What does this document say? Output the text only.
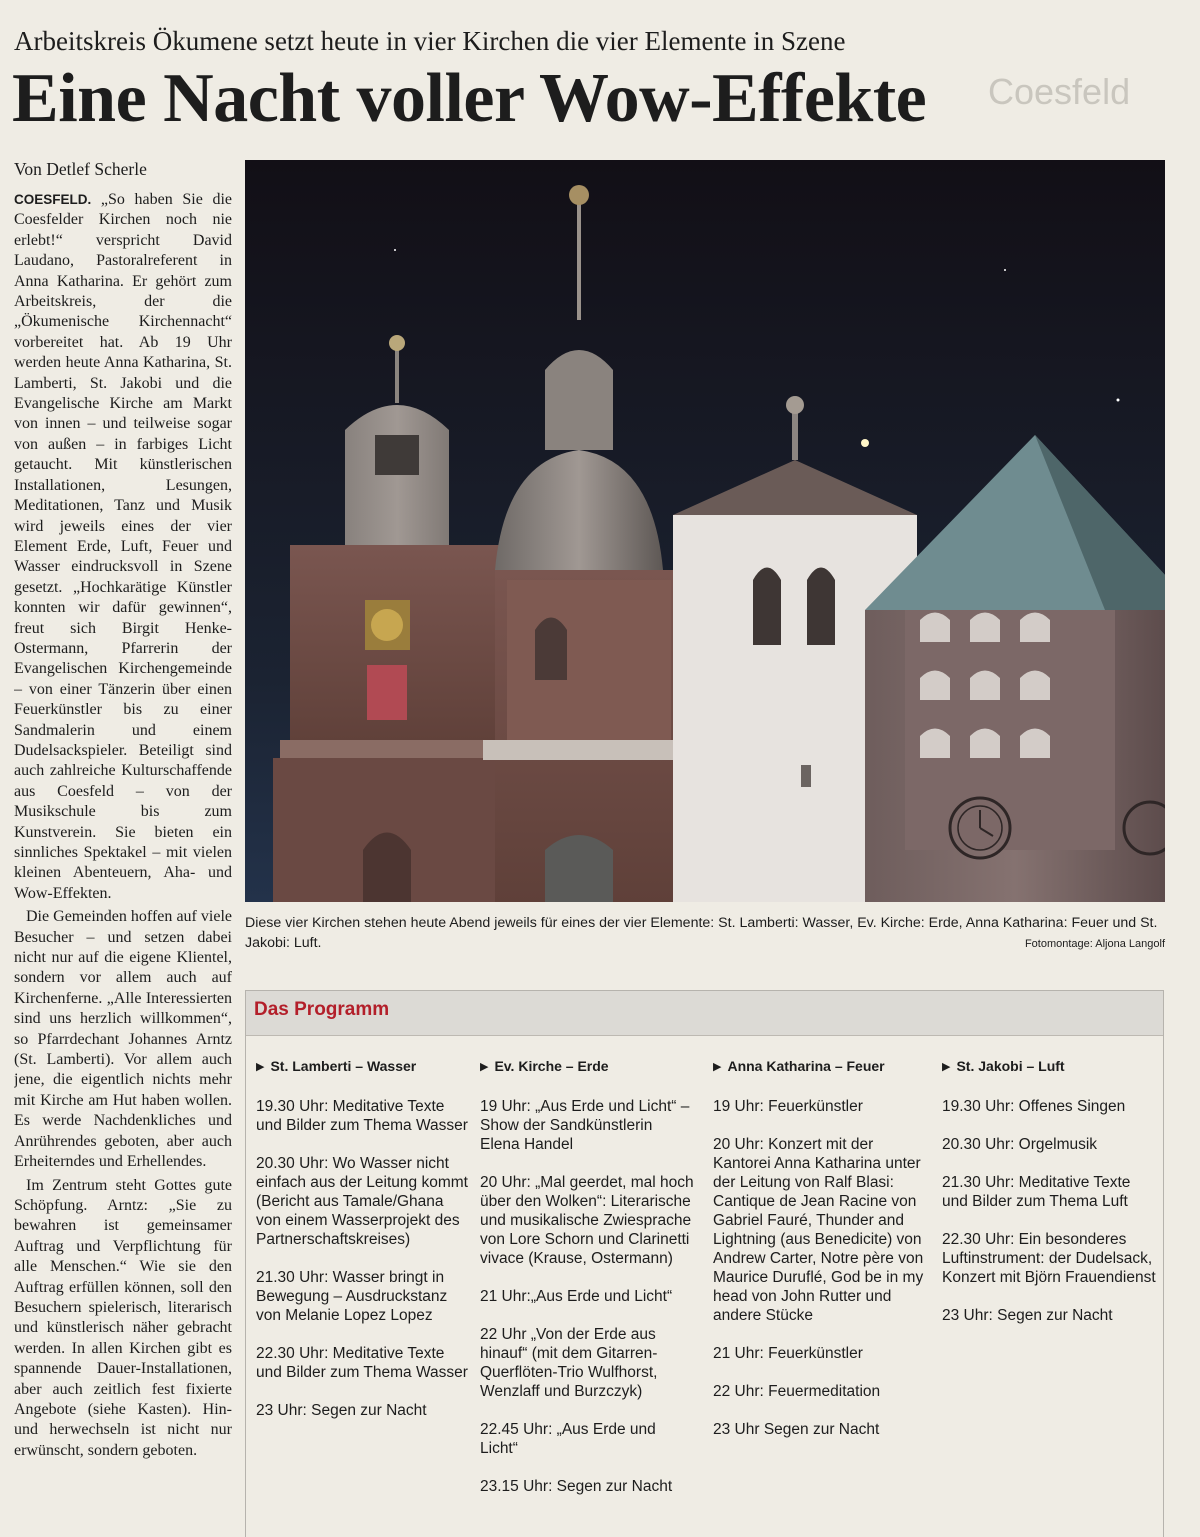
Coesfeld
Arbeitskreis Ökumene setzt heute in vier Kirchen die vier Elemente in Szene
Eine Nacht voller Wow-Effekte
Von Detlef Scherle

COESFELD. „So haben Sie die Coesfelder Kirchen noch nie erlebt!“ verspricht David Laudano, Pastoralreferent in Anna Katharina. Er gehört zum Arbeitskreis, der die „Ökumenische Kirchennacht“ vorbereitet hat. Ab 19 Uhr werden heute Anna Katharina, St. Lamberti, St. Jakobi und die Evangelische Kirche am Markt von innen – und teilweise sogar von außen – in farbiges Licht getaucht. Mit künstlerischen Installationen, Lesungen, Meditationen, Tanz und Musik wird jeweils eines der vier Element Erde, Luft, Feuer und Wasser eindrucksvoll in Szene gesetzt. „Hochkarätige Künstler konnten wir dafür gewinnen“, freut sich Birgit Henke-Ostermann, Pfarrerin der Evangelischen Kirchengemeinde – von einer Tänzerin über einen Feuerkünstler bis zu einer Sandmalerin und einem Dudelsackspieler. Beteiligt sind auch zahlreiche Kulturschaffende aus Coesfeld – von der Musikschule bis zum Kunstverein. Sie bieten ein sinnliches Spektakel – mit vielen kleinen Abenteuern, Aha- und Wow-Effekten.

Die Gemeinden hoffen auf viele Besucher – und setzen dabei nicht nur auf die eigene Klientel, sondern vor allem auch auf Kirchenferne. „Alle Interessierten sind uns herzlich willkommen“, so Pfarrdechant Johannes Arntz (St. Lamberti). Vor allem auch jene, die eigentlich nichts mehr mit Kirche am Hut haben wollen. Es werde Nachdenkliches und Anrührendes geboten, aber auch Erheiterndes und Erhellendes.

Im Zentrum steht Gottes gute Schöpfung. Arntz: „Sie zu bewahren ist gemeinsamer Auftrag und Verpflichtung für alle Menschen.“ Wie sie den Auftrag erfüllen können, soll den Besuchern spielerisch, literarisch und künstlerisch näher gebracht werden. In allen Kirchen gibt es spannende Dauer-Installationen, aber auch zeitlich fest fixierte Angebote (siehe Kasten). Hin- und herwechseln ist nicht nur erwünscht, sondern geboten.

Diese vier Kirchen stehen heute Abend jeweils für eines der vier Elemente: St. Lamberti: Wasser, Ev. Kirche: Erde, Anna Katharina: Feuer und St. Jakobi: Luft.	Fotomontage: Aljona Langolf
Das Programm
▶ St. Lamberti – Wasser
19.30 Uhr: Meditative Texte und Bilder zum Thema Wasser
20.30 Uhr: Wo Wasser nicht einfach aus der Leitung kommt (Bericht aus Tamale/Ghana von einem Wasserprojekt des Partnerschaftskreises)
21.30 Uhr: Wasser bringt in Bewegung – Ausdruckstanz von Melanie Lopez Lopez
22.30 Uhr: Meditative Texte und Bilder zum Thema Wasser
23 Uhr: Segen zur Nacht
▶ Ev. Kirche – Erde
19 Uhr: „Aus Erde und Licht“ – Show der Sandkünstlerin Elena Handel
20 Uhr: „Mal geerdet, mal hoch über den Wolken“: Literarische und musikalische Zwiesprache von Lore Schorn und Clarinetti vivace (Krause, Ostermann)
21 Uhr:„Aus Erde und Licht“
22 Uhr „Von der Erde aus hinauf“ (mit dem Gitarren-Querflöten-Trio Wulfhorst, Wenzlaff und Burzczyk)
22.45 Uhr: „Aus Erde und Licht“
23.15 Uhr: Segen zur Nacht
▶ Anna Katharina – Feuer
19 Uhr: Feuerkünstler
20 Uhr: Konzert mit der Kantorei Anna Katharina unter der Leitung von Ralf Blasi: Cantique de Jean Racine von Gabriel Fauré, Thunder and Lightning (aus Benedicite) von Andrew Carter, Notre père von Maurice Duruflé, God be in my head von John Rutter und andere Stücke
21 Uhr: Feuerkünstler
22 Uhr: Feuermeditation
23 Uhr Segen zur Nacht
▶ St. Jakobi – Luft
19.30 Uhr: Offenes Singen
20.30 Uhr: Orgelmusik
21.30 Uhr: Meditative Texte und Bilder zum Thema Luft
22.30 Uhr: Ein besonderes Luftinstrument: der Dudelsack, Konzert mit Björn Frauendienst
23 Uhr: Segen zur Nacht
